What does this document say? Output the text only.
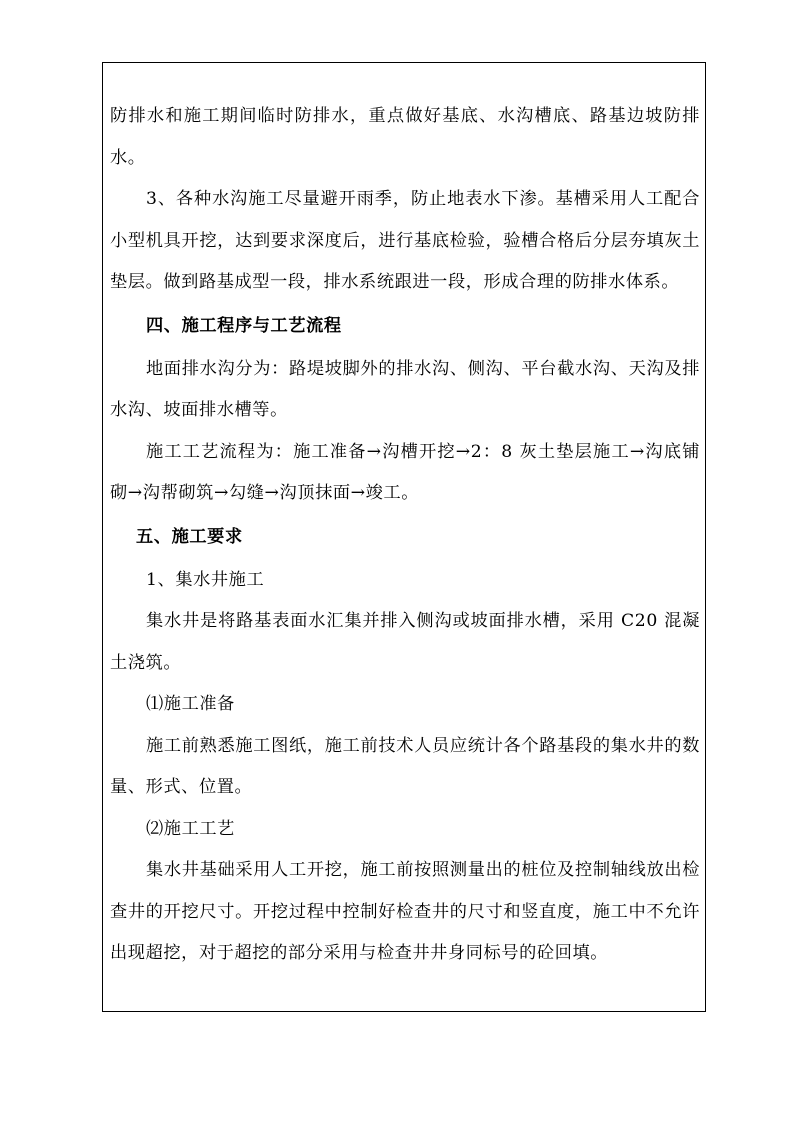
防排水和施工期间临时防排水，重点做好基底、水沟槽底、路基边坡防排水。

3、各种水沟施工尽量避开雨季，防止地表水下渗。基槽采用人工配合小型机具开挖，达到要求深度后，进行基底检验，验槽合格后分层夯填灰土垫层。做到路基成型一段，排水系统跟进一段，形成合理的防排水体系。

四、施工程序与工艺流程

地面排水沟分为：路堤坡脚外的排水沟、侧沟、平台截水沟、天沟及排水沟、坡面排水槽等。

施工工艺流程为：施工准备→沟槽开挖→2：8 灰土垫层施工→沟底铺砌→沟帮砌筑→勾缝→沟顶抹面→竣工。

五、施工要求

1、集水井施工

集水井是将路基表面水汇集并排入侧沟或坡面排水槽，采用 C20 混凝土浇筑。

⑴施工准备

施工前熟悉施工图纸，施工前技术人员应统计各个路基段的集水井的数量、形式、位置。

⑵施工工艺

集水井基础采用人工开挖，施工前按照测量出的桩位及控制轴线放出检查井的开挖尺寸。开挖过程中控制好检查井的尺寸和竖直度，施工中不允许出现超挖，对于超挖的部分采用与检查井井身同标号的砼回填。
